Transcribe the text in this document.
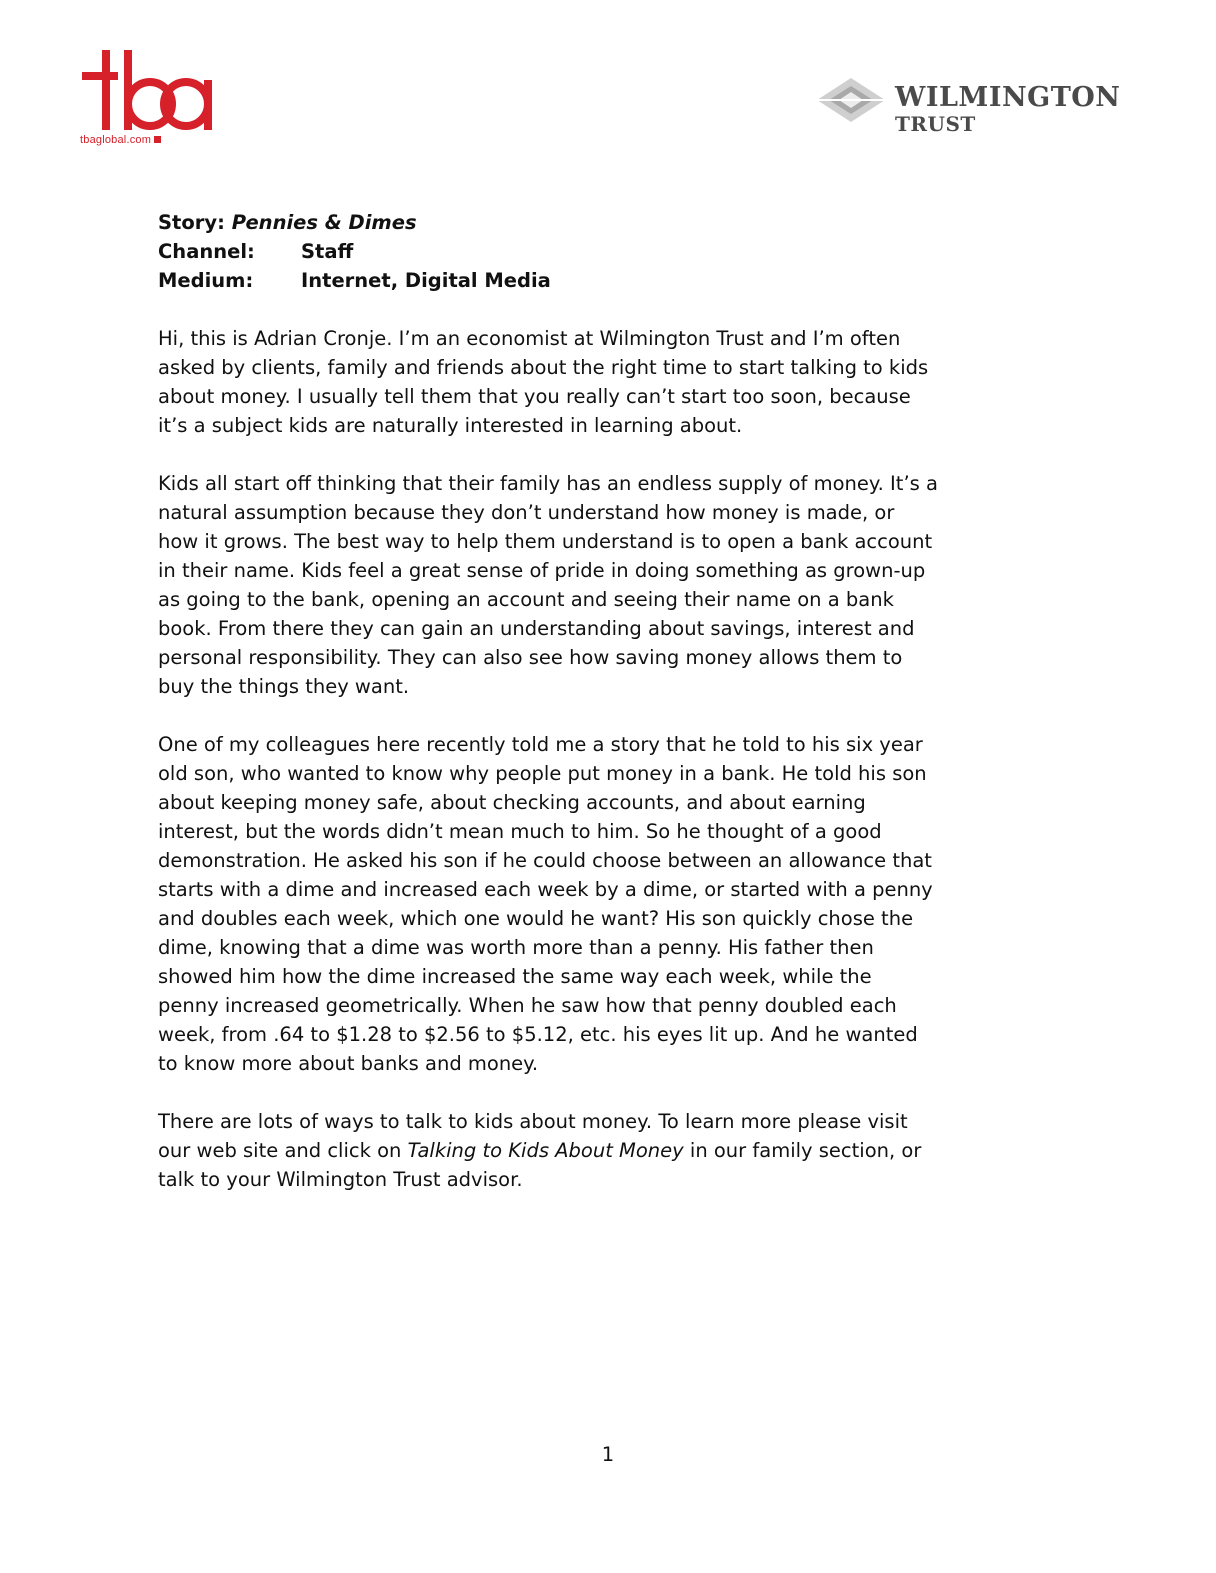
tbaglobal.com
WILMINGTON
TRUST
Story:
Pennies & Dimes
Channel:	Staff
Medium:	Internet, Digital Media

Hi, this is Adrian Cronje. I’m an economist at Wilmington Trust and I’m often asked by clients, family and friends about the right time to start talking to kids about money. I usually tell them that you really can’t start too soon, because it’s a subject kids are naturally interested in learning about.

Kids all start off thinking that their family has an endless supply of money. It’s a natural assumption because they don’t understand how money is made, or how it grows. The best way to help them understand is to open a bank account in their name. Kids feel a great sense of pride in doing something as grown-up as going to the bank, opening an account and seeing their name on a bank book. From there they can gain an understanding about savings, interest and personal responsibility. They can also see how saving money allows them to buy the things they want.

One of my colleagues here recently told me a story that he told to his six year old son, who wanted to know why people put money in a bank. He told his son about keeping money safe, about checking accounts, and about earning interest, but the words didn’t mean much to him. So he thought of a good demonstration. He asked his son if he could choose between an allowance that starts with a dime and increased each week by a dime, or started with a penny and doubles each week, which one would he want? His son quickly chose the dime, knowing that a dime was worth more than a penny. His father then showed him how the dime increased the same way each week, while the penny increased geometrically. When he saw how that penny doubled each week, from .64 to $1.28 to $2.56 to $5.12, etc. his eyes lit up. And he wanted to know more about banks and money.

There are lots of ways to talk to kids about money. To learn more please visit our web site and click on Talking to Kids About Money in our family section, or talk to your Wilmington Trust advisor.

1
